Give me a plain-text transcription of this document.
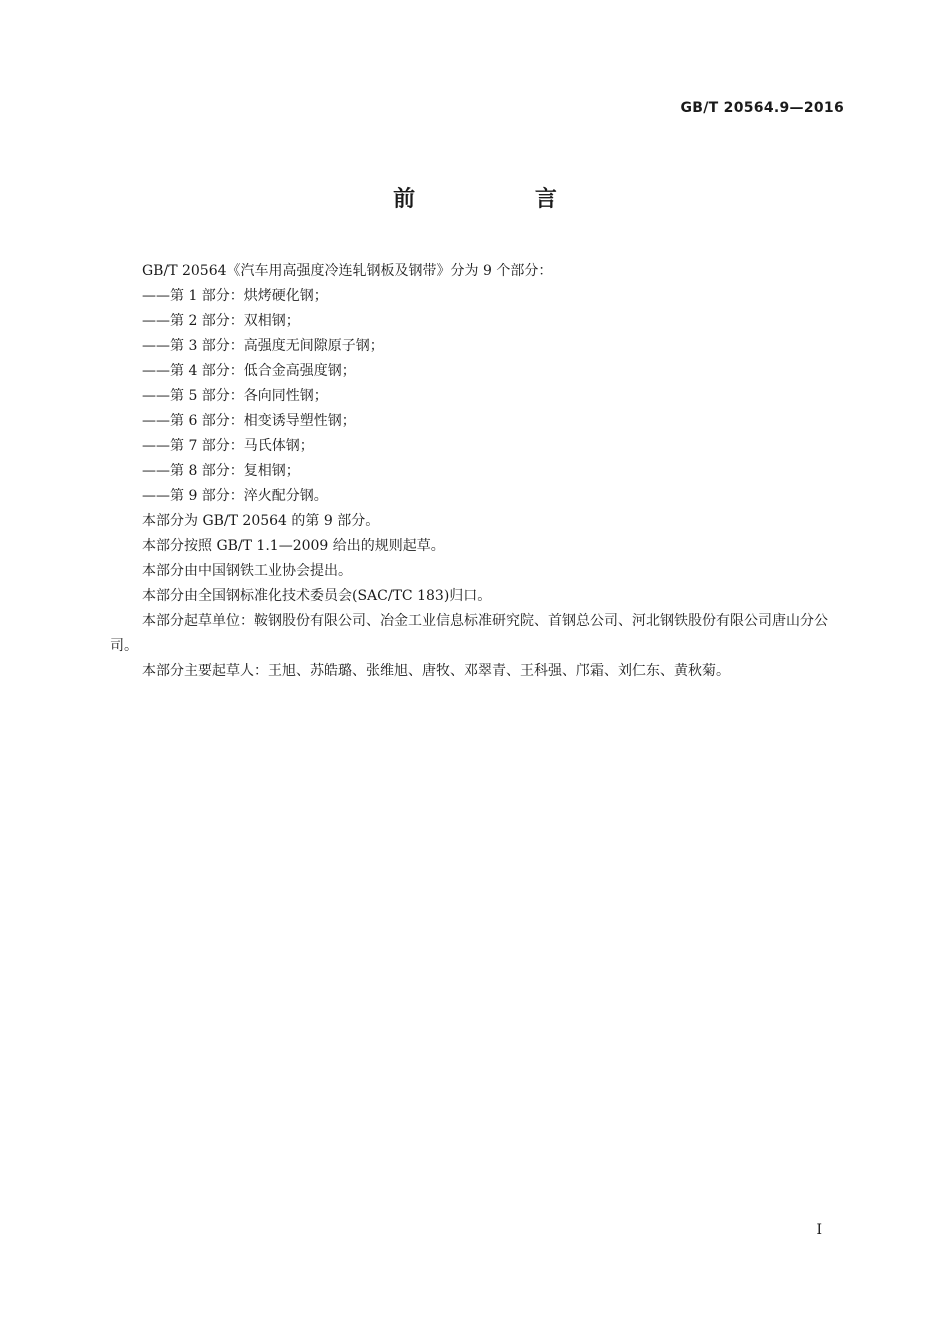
GB/T 20564.9—2016
前 言

GB/T 20564《汽车用高强度冷连轧钢板及钢带》分为 9 个部分：

——第 1 部分：烘烤硬化钢；

——第 2 部分：双相钢；

——第 3 部分：高强度无间隙原子钢；

——第 4 部分：低合金高强度钢；

——第 5 部分：各向同性钢；

——第 6 部分：相变诱导塑性钢；

——第 7 部分：马氏体钢；

——第 8 部分：复相钢；

——第 9 部分：淬火配分钢。

本部分为 GB/T 20564 的第 9 部分。

本部分按照 GB/T 1.1—2009 给出的规则起草。

本部分由中国钢铁工业协会提出。

本部分由全国钢标准化技术委员会(SAC/TC 183)归口。

本部分起草单位：鞍钢股份有限公司、冶金工业信息标准研究院、首钢总公司、河北钢铁股份有限公司唐山分公司。

本部分主要起草人：王旭、苏皓璐、张维旭、唐牧、邓翠青、王科强、邝霜、刘仁东、黄秋菊。

I
